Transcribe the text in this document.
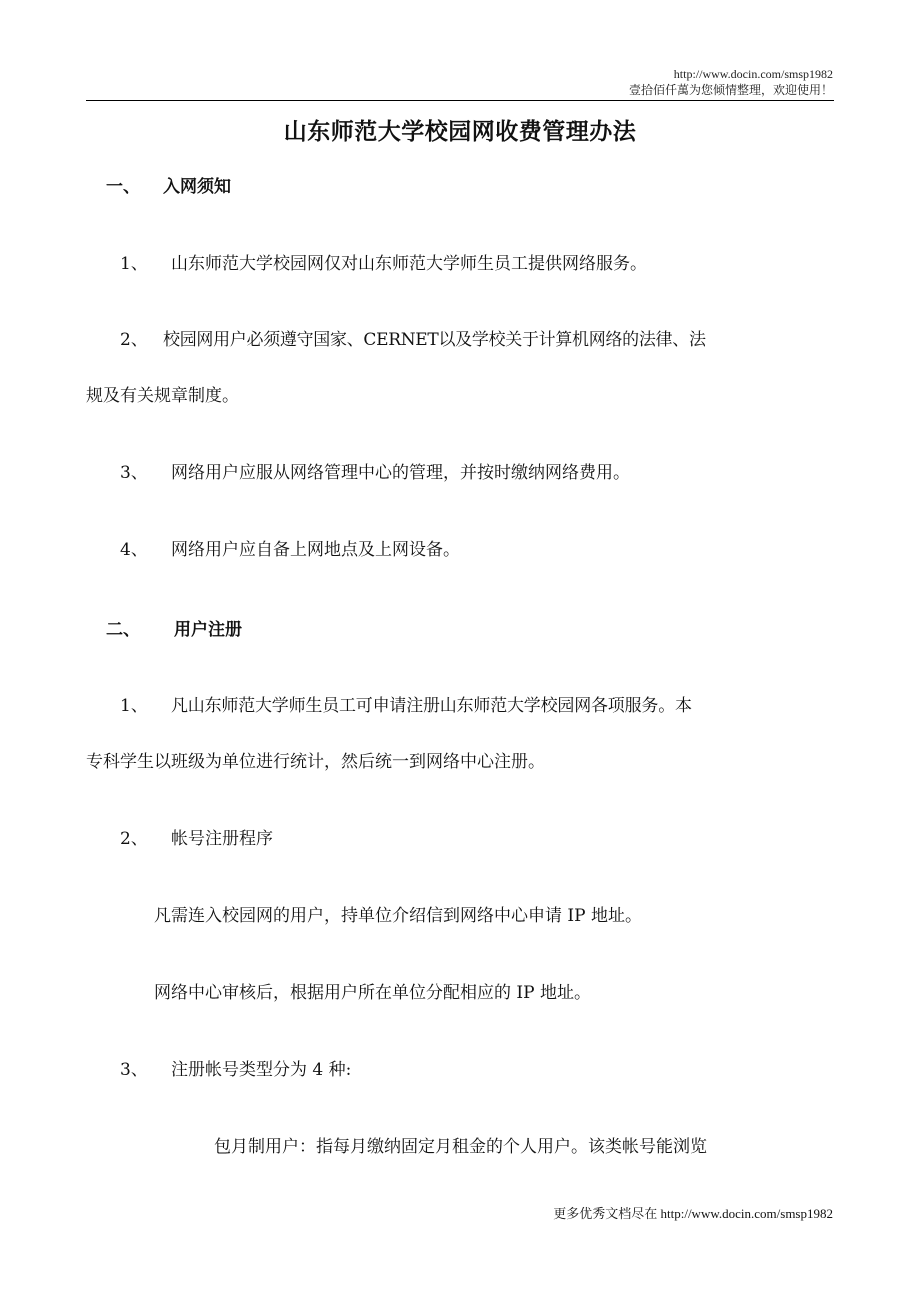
http://www.docin.com/smsp1982
壹拾佰仟萬为您倾情整理，欢迎使用！
山东师范大学校园网收费管理办法
一、 入网须知
1、 山东师范大学校园网仅对山东师范大学师生员工提供网络服务。
2、 校园网用户必须遵守国家、CERNET以及学校关于计算机网络的法律、法
规及有关规章制度。
3、 网络用户应服从网络管理中心的管理，并按时缴纳网络费用。
4、 网络用户应自备上网地点及上网设备。
二、 用户注册
1、 凡山东师范大学师生员工可申请注册山东师范大学校园网各项服务。本
专科学生以班级为单位进行统计，然后统一到网络中心注册。
2、 帐号注册程序
凡需连入校园网的用户，持单位介绍信到网络中心申请 IP 地址。
网络中心审核后，根据用户所在单位分配相应的 IP 地址。
3、 注册帐号类型分为 4 种:
包月制用户：指每月缴纳固定月租金的个人用户。该类帐号能浏览
更多优秀文档尽在 http://www.docin.com/smsp1982
